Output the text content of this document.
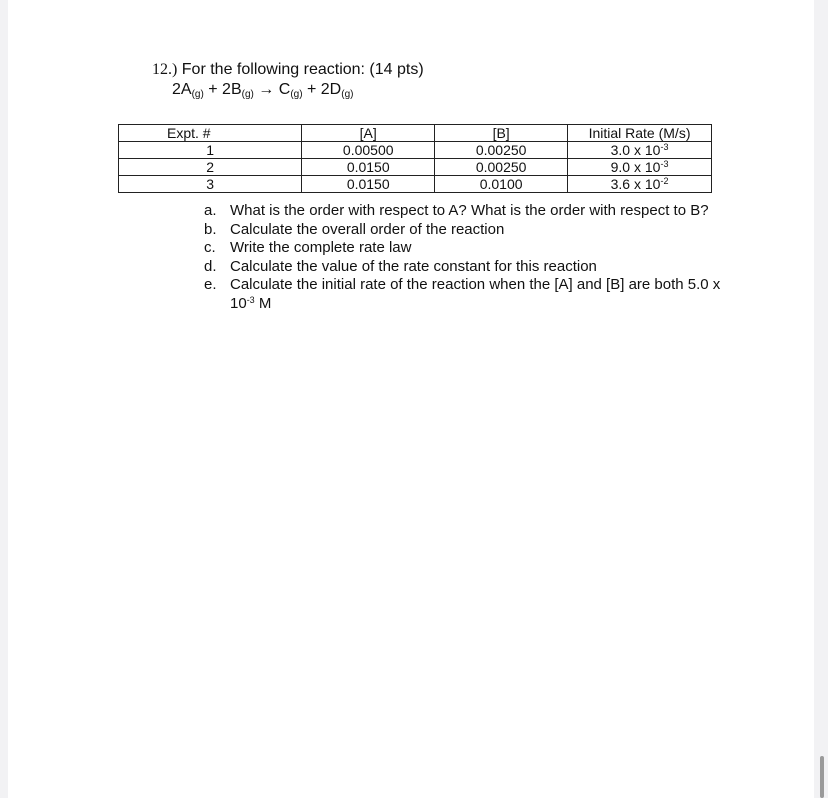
12.) For the following reaction: (14 pts)
$2A_{(g)} + 2B_{(g)} \to C_{(g)} + 2D_{(g)}$
Expt. #	[A]	[B]	Initial Rate (M/s)
1	0.00500	0.00250	3.0 x $10^{-3}$
2	0.0150	0.00250	9.0 x $10^{-3}$
3	0.0150	0.0100	3.6 x $10^{-2}$
a. What is the order with respect to A? What is the order with respect to B?
b. Calculate the overall order of the reaction
c. Write the complete rate law
d. Calculate the value of the rate constant for this reaction
e. Calculate the initial rate of the reaction when the [A] and [B] are both 5.0 x $10^{-3}$ M
